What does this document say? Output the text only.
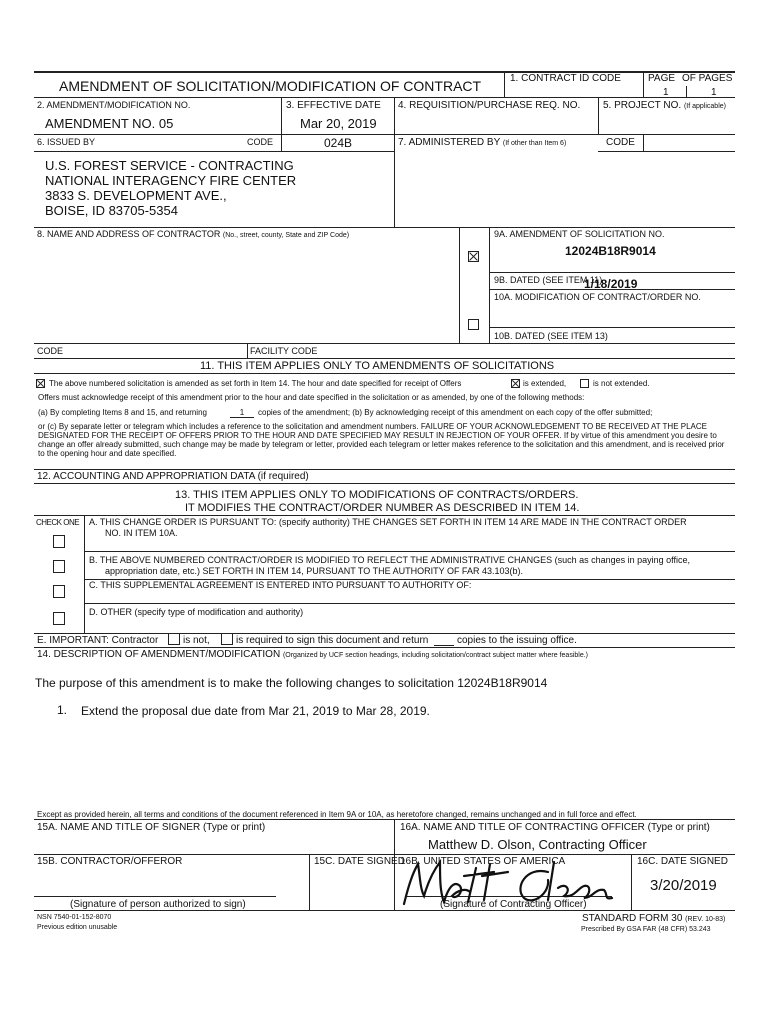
AMENDMENT OF SOLICITATION/MODIFICATION OF CONTRACT	1. CONTRACT ID CODE	PAGE OF PAGES
1	1
2. AMENDMENT/MODIFICATION NO.
AMENDMENT NO. 05
3. EFFECTIVE DATE
Mar 20, 2019
4. REQUISITION/PURCHASE REQ. NO. 5. PROJECT NO. (If applicable)
6. ISSUED BY	CODE	024B	7. ADMINISTERED BY (If other than Item 6)	CODE
U.S. FOREST SERVICE - CONTRACTING
NATIONAL INTERAGENCY FIRE CENTER
3833 S. DEVELOPMENT AVE.,
BOISE, ID 83705-5354
8. NAME AND ADDRESS OF CONTRACTOR (No., street, county, State and ZIP Code)	9A. AMENDMENT OF SOLICITATION NO.
12024B18R9014
9B. DATED (SEE ITEM 11)
1/18/2019
10A. MODIFICATION OF CONTRACT/ORDER NO.
10B. DATED (SEE ITEM 13)
CODE	FACILITY CODE
11. THIS ITEM APPLIES ONLY TO AMENDMENTS OF SOLICITATIONS
The above numbered solicitation is amended as set forth in Item 14. The hour and date specified for receipt of Offers	is extended,	is not extended.
Offers must acknowledge receipt of this amendment prior to the hour and date specified in the solicitation or as amended, by one of the following methods:
(a) By completing Items 8 and 15, and returning	1	copies of the amendment; (b) By acknowledging receipt of this amendment on each copy of the offer submitted;
or (c) By separate letter or telegram which includes a reference to the solicitation and amendment numbers. FAILURE OF YOUR ACKNOWLEDGEMENT TO BE RECEIVED AT THE PLACE DESIGNATED FOR THE RECEIPT OF OFFERS PRIOR TO THE HOUR AND DATE SPECIFIED MAY RESULT IN REJECTION OF YOUR OFFER. If by virtue of this amendment you desire to change an offer already submitted, such change may be made by telegram or letter, provided each telegram or letter makes reference to the solicitation and this amendment, and is received prior to the opening hour and date specified.
12. ACCOUNTING AND APPROPRIATION DATA (if required)
13. THIS ITEM APPLIES ONLY TO MODIFICATIONS OF CONTRACTS/ORDERS.
IT MODIFIES THE CONTRACT/ORDER NUMBER AS DESCRIBED IN ITEM 14.
CHECK ONE A. THIS CHANGE ORDER IS PURSUANT TO: (specify authority) THE CHANGES SET FORTH IN ITEM 14 ARE MADE IN THE CONTRACT ORDER
NO. IN ITEM 10A.
B. THE ABOVE NUMBERED CONTRACT/ORDER IS MODIFIED TO REFLECT THE ADMINISTRATIVE CHANGES (such as changes in paying office,
appropriation date, etc.) SET FORTH IN ITEM 14, PURSUANT TO THE AUTHORITY OF FAR 43.103(b).
C. THIS SUPPLEMENTAL AGREEMENT IS ENTERED INTO PURSUANT TO AUTHORITY OF:
D. OTHER (specify type of modification and authority)
E. IMPORTANT: Contractor is not,	is required to sign this document and return	copies to the issuing office.
14. DESCRIPTION OF AMENDMENT/MODIFICATION (Organized by UCF section headings, including solicitation/contract subject matter where feasible.)
The purpose of this amendment is to make the following changes to solicitation 12024B18R9014
1. Extend the proposal due date from Mar 21, 2019 to Mar 28, 2019.
Except as provided herein, all terms and conditions of the document referenced in Item 9A or 10A, as heretofore changed, remains unchanged and in full force and effect.
15A. NAME AND TITLE OF SIGNER (Type or print)	16A. NAME AND TITLE OF CONTRACTING OFFICER (Type or print)
Matthew D. Olson, Contracting Officer
15B. CONTRACTOR/OFFEROR	15C. DATE SIGNED
16B. UNITED STATES OF AMERICA	16C. DATE SIGNED
3/20/2019
(Signature of person authorized to sign)	(Signature of Contracting Officer)
NSN 7540-01-152-8070
Previous edition unusable
STANDARD FORM 30 (REV. 10-83)
Prescribed By GSA FAR (48 CFR) 53.243
